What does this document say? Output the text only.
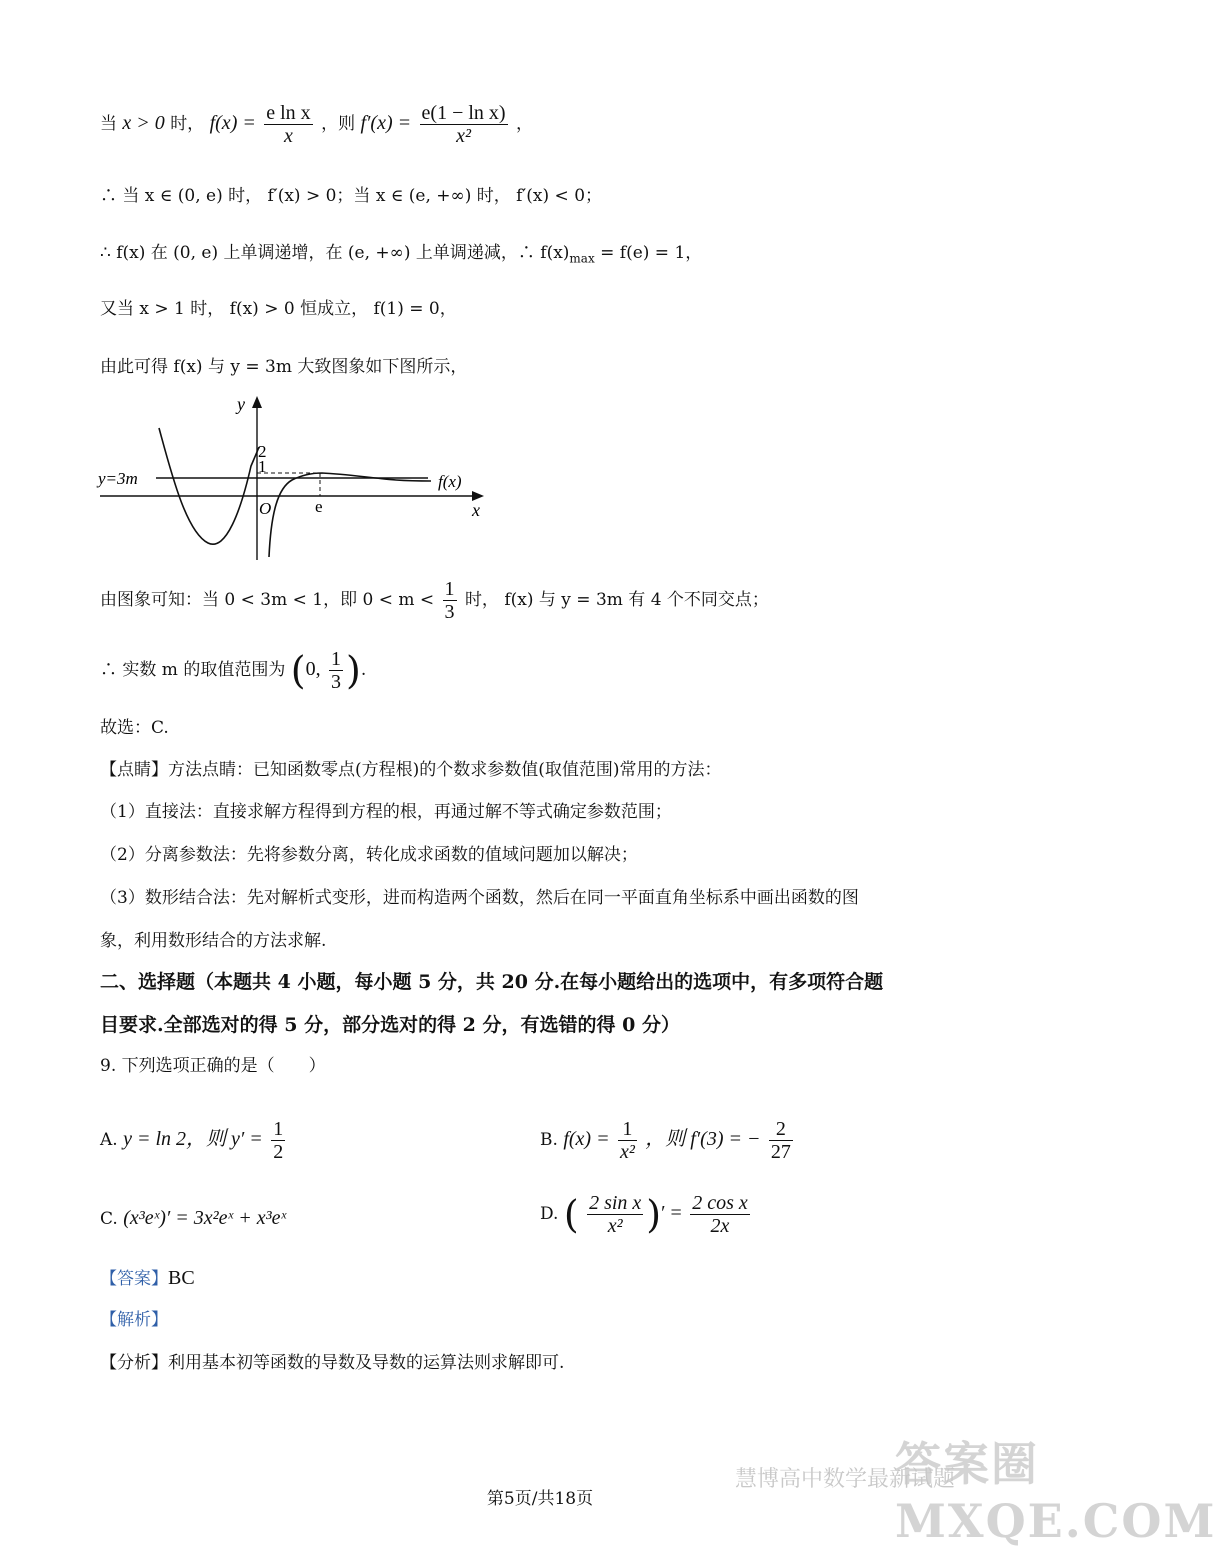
当 x > 0 时， $f(x) = \frac{\text{e ln x}}{x}$ ，则 $f'(x) = \frac{\text{e(1 − ln x)}}{\text{x²}}$ ，
∴ 当 x ∈ (0, e) 时， f′(x) > 0；当 x ∈ (e, +∞) 时， f′(x) < 0；
∴ f(x) 在 (0, e) 上单调递增，在 (e, +∞) 上单调递减，∴ $f(x)_{max} = f(e) = 1$，
又当 x > 1 时， f(x) > 0 恒成立， f(1) = 0，
由此可得 f(x) 与 y = 3m 大致图象如下图所示，
y
x
O
y=3m	f(x)
2
1
e
由图象可知：当 0 < 3m < 1，即 $0 < m < \frac{1}{3}$ 时， f(x) 与 y = 3m 有 4 个不同交点；
∴ 实数 m 的取值范围为 (0, $\frac{1}{3}$ ).
故选：C.
【点睛】方法点睛：已知函数零点(方程根)的个数求参数值(取值范围)常用的方法：
（1）直接法：直接求解方程得到方程的根，再通过解不等式确定参数范围；
（2）分离参数法：先将参数分离，转化成求函数的值域问题加以解决；
（3）数形结合法：先对解析式变形，进而构造两个函数，然后在同一平面直角坐标系中画出函数的图
象，利用数形结合的方法求解.
二、选择题（本题共 4 小题，每小题 5 分，共 20 分.在每小题给出的选项中，有多项符合题
目要求.全部选对的得 5 分，部分选对的得 2 分，有选错的得 0 分）
9. 下列选项正确的是（　　）
A. y = ln 2，则 $y' = \frac{1}{2}$	B. $f(x) = \frac{1}{\text{x²}}$ ，则 f′(3) = − $\frac{2}{27}$
C. (x³eˣ)′ = 3x²eˣ + x³eˣ	D. ( $\frac{\text{2 sin x}}{\text{x²}}$ )′ = $\frac{\text{2 cos x}}{2x}$
【答案】BC
【解析】
【分析】利用基本初等函数的导数及导数的运算法则求解即可.
答案圈 MXQE.COM
慧博高中数学最新试题
第5页/共18页
